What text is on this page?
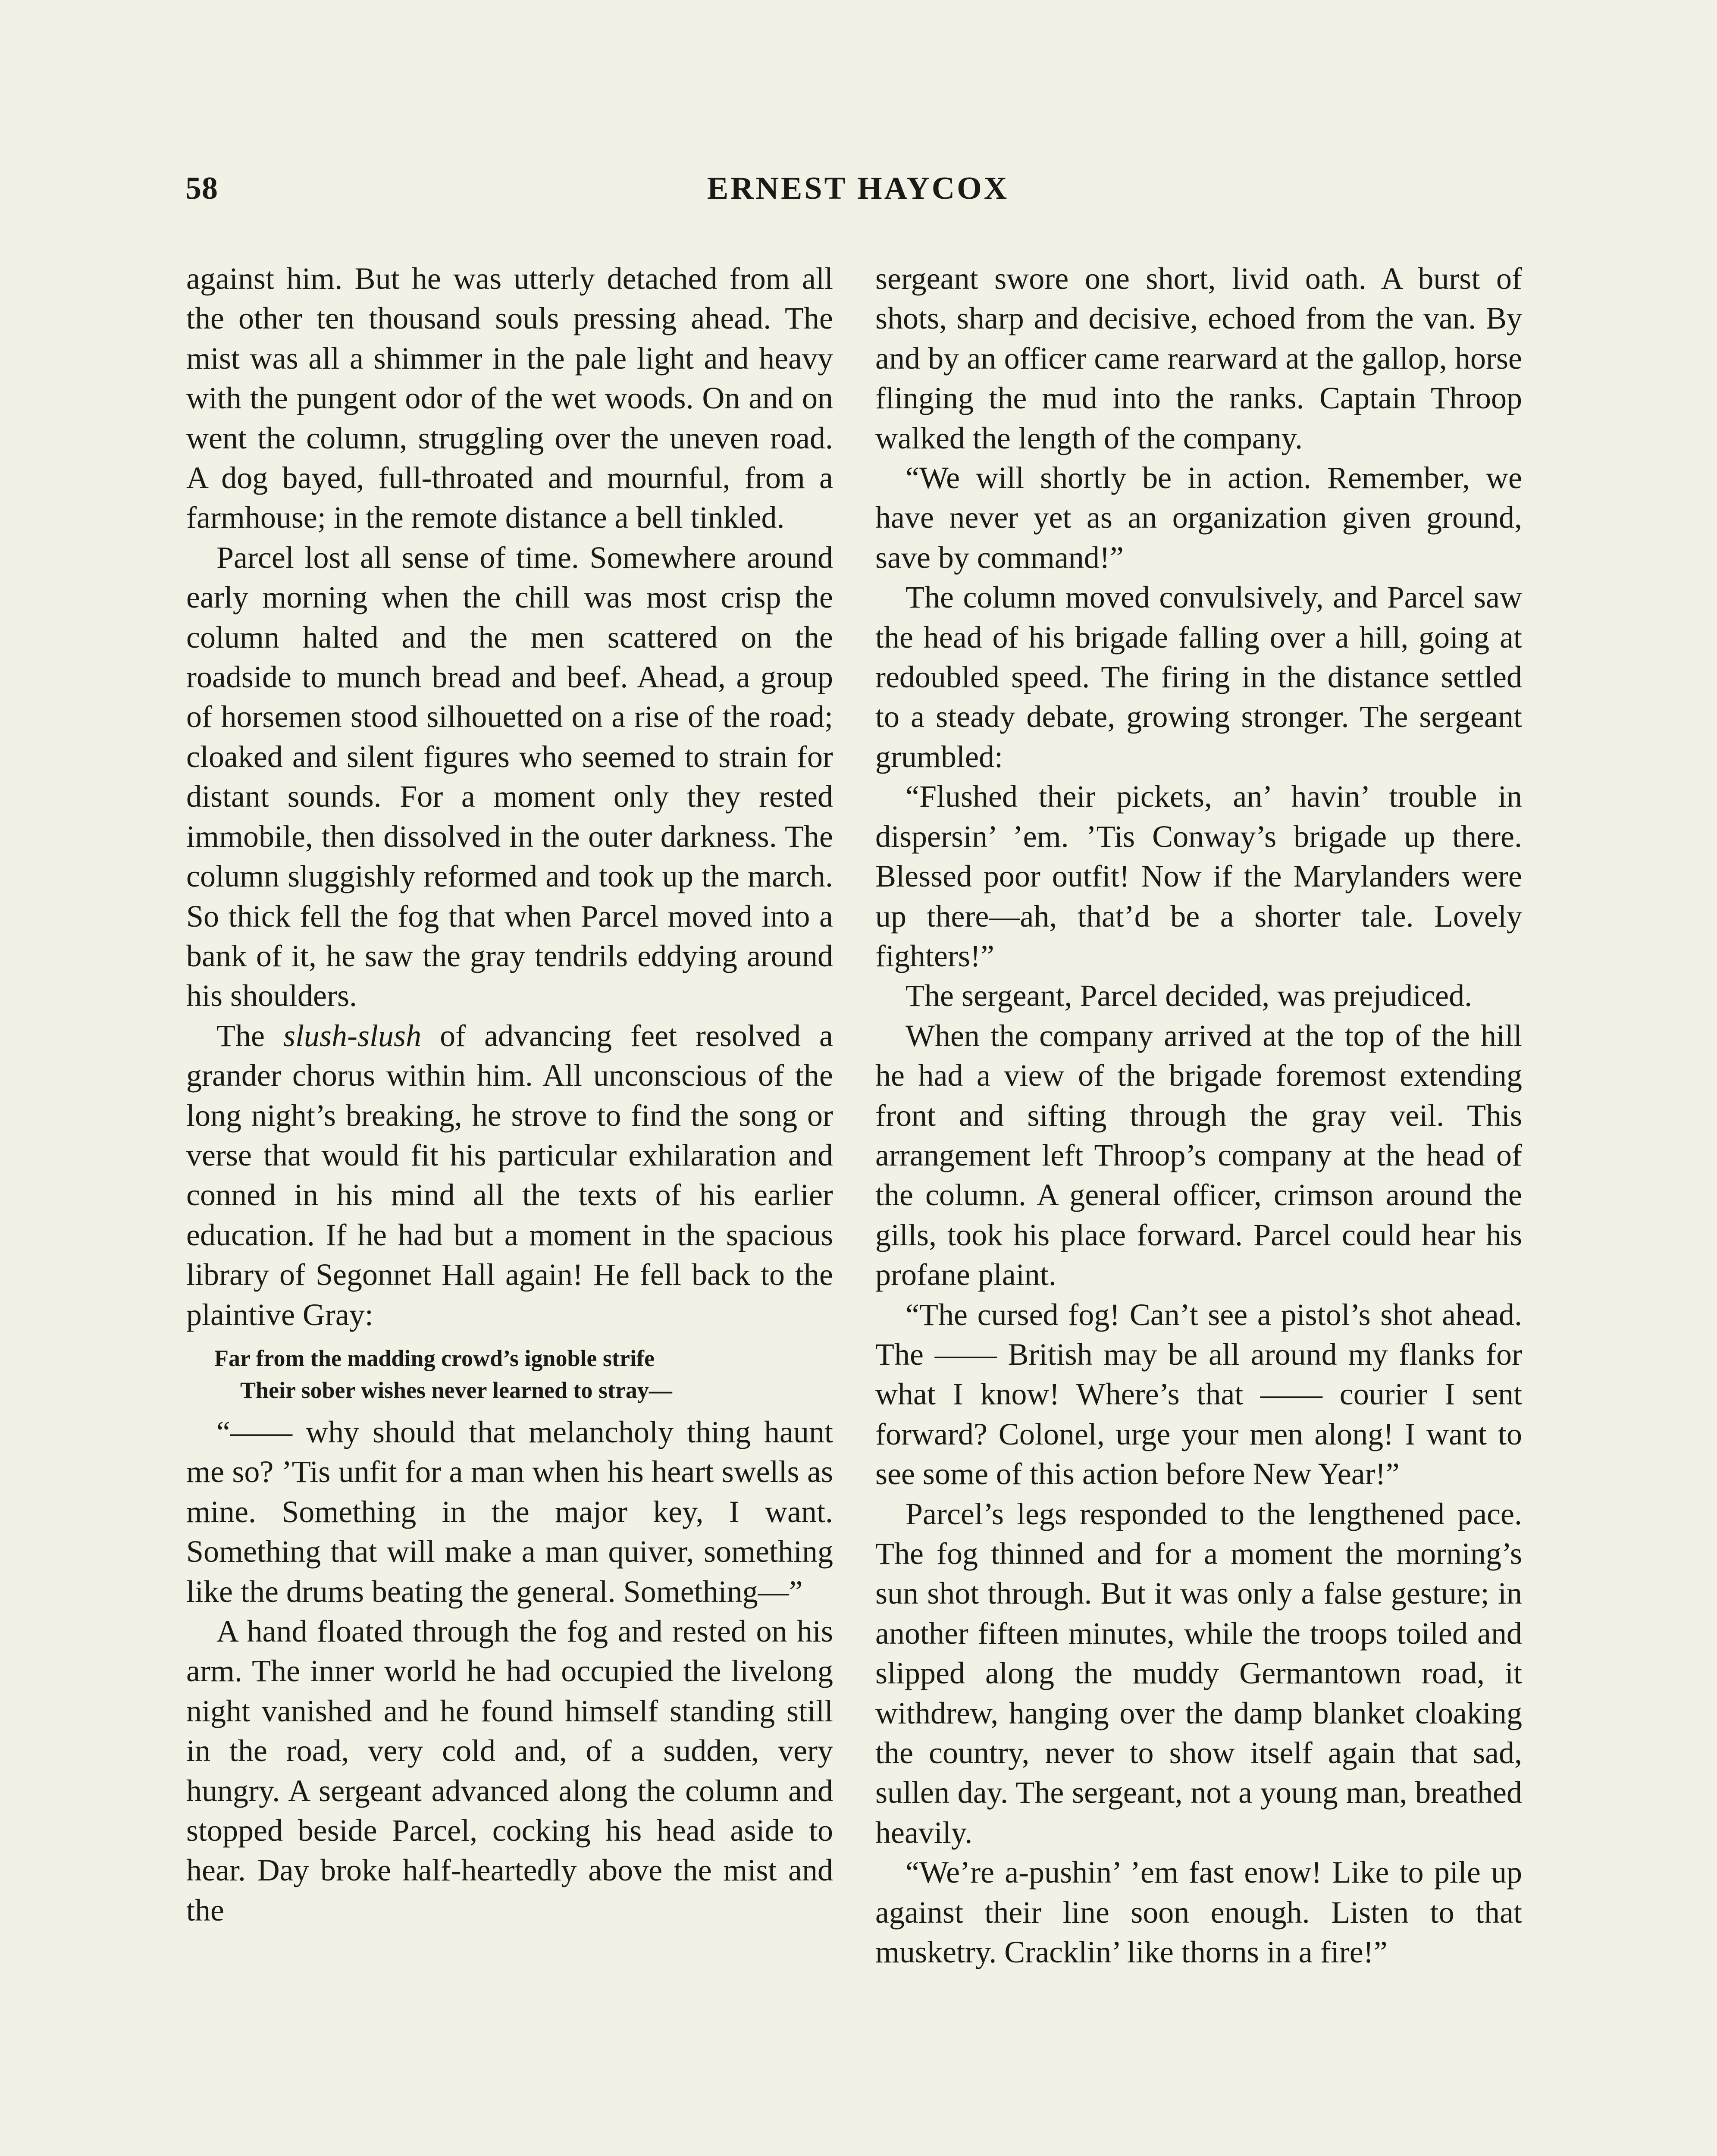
58	ERNEST HAYCOX

against him. But he was utterly detached from all the other ten thousand souls pressing ahead. The mist was all a shimmer in the pale light and heavy with the pungent odor of the wet woods. On and on went the column, struggling over the uneven road. A dog bayed, full-throated and mournful, from a farmhouse; in the remote distance a bell tinkled.

Parcel lost all sense of time. Somewhere around early morning when the chill was most crisp the column halted and the men scattered on the roadside to munch bread and beef. Ahead, a group of horsemen stood silhouetted on a rise of the road; cloaked and silent figures who seemed to strain for distant sounds. For a moment only they rested immobile, then dissolved in the outer darkness. The column sluggishly reformed and took up the march. So thick fell the fog that when Parcel moved into a bank of it, he saw the gray tendrils eddying around his shoulders.

The slush-slush of advancing feet resolved a grander chorus within him. All unconscious of the long night’s breaking, he strove to find the song or verse that would fit his particular exhilaration and conned in his mind all the texts of his earlier education. If he had but a moment in the spacious library of Segonnet Hall again! He fell back to the plaintive Gray:

Far from the madding crowd’s ignoble strife
Their sober wishes never learned to stray—

“—— why should that melancholy thing haunt me so? ’Tis unfit for a man when his heart swells as mine. Something in the major key, I want. Something that will make a man quiver, something like the drums beating the general. Something—”

A hand floated through the fog and rested on his arm. The inner world he had occupied the livelong night vanished and he found himself standing still in the road, very cold and, of a sudden, very hungry. A sergeant advanced along the column and stopped beside Parcel, cocking his head aside to hear. Day broke half-heartedly above the mist and the

sergeant swore one short, livid oath. A burst of shots, sharp and decisive, echoed from the van. By and by an officer came rearward at the gallop, horse flinging the mud into the ranks. Captain Throop walked the length of the company.

“We will shortly be in action. Remember, we have never yet as an organization given ground, save by command!”

The column moved convulsively, and Parcel saw the head of his brigade falling over a hill, going at redoubled speed. The firing in the distance settled to a steady debate, growing stronger. The sergeant grumbled:

“Flushed their pickets, an’ havin’ trouble in dispersin’ ’em. ’Tis Conway’s brigade up there. Blessed poor outfit! Now if the Marylanders were up there—ah, that’d be a shorter tale. Lovely fighters!”

The sergeant, Parcel decided, was prejudiced.

When the company arrived at the top of the hill he had a view of the brigade foremost extending front and sifting through the gray veil. This arrangement left Throop’s company at the head of the column. A general officer, crimson around the gills, took his place forward. Parcel could hear his profane plaint.

“The cursed fog! Can’t see a pistol’s shot ahead. The —— British may be all around my flanks for what I know! Where’s that —— courier I sent forward? Colonel, urge your men along! I want to see some of this action before New Year!”

Parcel’s legs responded to the lengthened pace. The fog thinned and for a moment the morning’s sun shot through. But it was only a false gesture; in another fifteen minutes, while the troops toiled and slipped along the muddy Germantown road, it withdrew, hanging over the damp blanket cloaking the country, never to show itself again that sad, sullen day. The sergeant, not a young man, breathed heavily.

“We’re a-pushin’ ’em fast enow! Like to pile up against their line soon enough. Listen to that musketry. Cracklin’ like thorns in a fire!”
